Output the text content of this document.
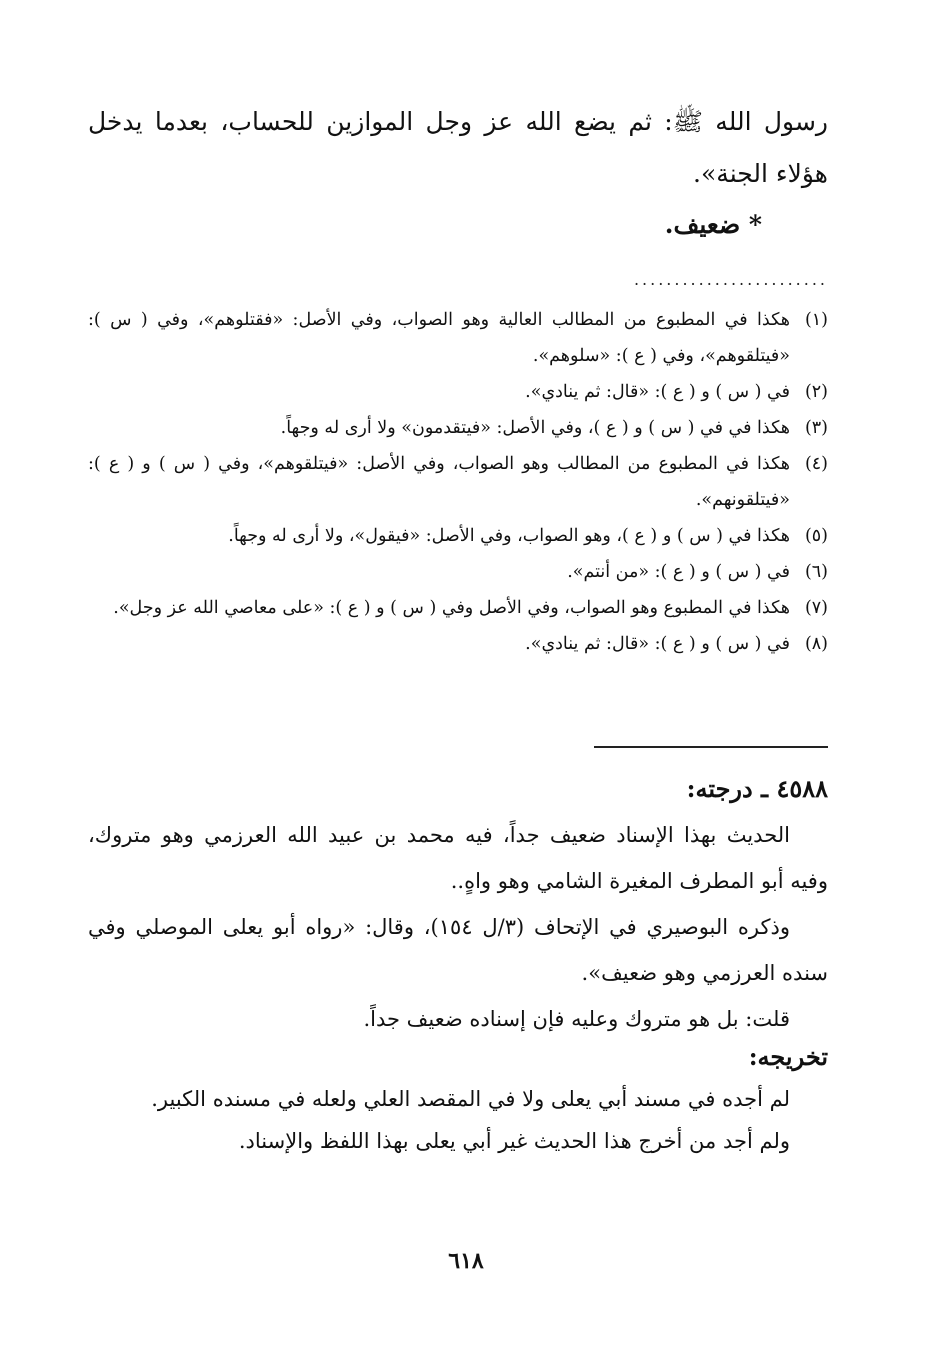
رسول الله ﷺ: ثم يضع الله عز وجل الموازين للحساب، بعدما يدخل

هؤلاء الجنة».

* ضعيف.
........................
(١)
هكذا في المطبوع من المطالب العالية وهو الصواب، وفي الأصل: «فقتلوهم»، وفي ( س ): «فيتلقوهم»، وفي ( ع ): «سلوهم».
(٢)
في ( س ) و ( ع ): «قال: ثم ينادي».
(٣)
هكذا في في ( س ) و ( ع )، وفي الأصل: «فيتقدمون» ولا أرى له وجهاً.
(٤)
هكذا في المطبوع من المطالب وهو الصواب، وفي الأصل: «فيتلقوهم»، وفي ( س ) و ( ع ): «فيتلقونهم».
(٥)
هكذا في ( س ) و ( ع )، وهو الصواب، وفي الأصل: «فيقول»، ولا أرى له وجهاً.
(٦)
في ( س ) و ( ع ): «من أنتم».
(٧)
هكذا في المطبوع وهو الصواب، وفي الأصل وفي ( س ) و ( ع ): «على معاصي الله عز وجل».
(٨)
في ( س ) و ( ع ): «قال: ثم ينادي».

٤٥٨٨ ـ درجته:

الحديث بهذا الإسناد ضعيف جداً، فيه محمد بن عبيد الله العرزمي وهو متروك، وفيه أبو المطرف المغيرة الشامي وهو واهٍ..

وذكره البوصيري في الإتحاف (٣/ل ١٥٤)، وقال: «رواه أبو يعلى الموصلي وفي سنده العرزمي وهو ضعيف».

قلت: بل هو متروك وعليه فإن إسناده ضعيف جداً.

تخريجه:

لم أجده في مسند أبي يعلى ولا في المقصد العلي ولعله في مسنده الكبير.

ولم أجد من أخرج هذا الحديث غير أبي يعلى بهذا اللفظ والإسناد.

٦١٨
